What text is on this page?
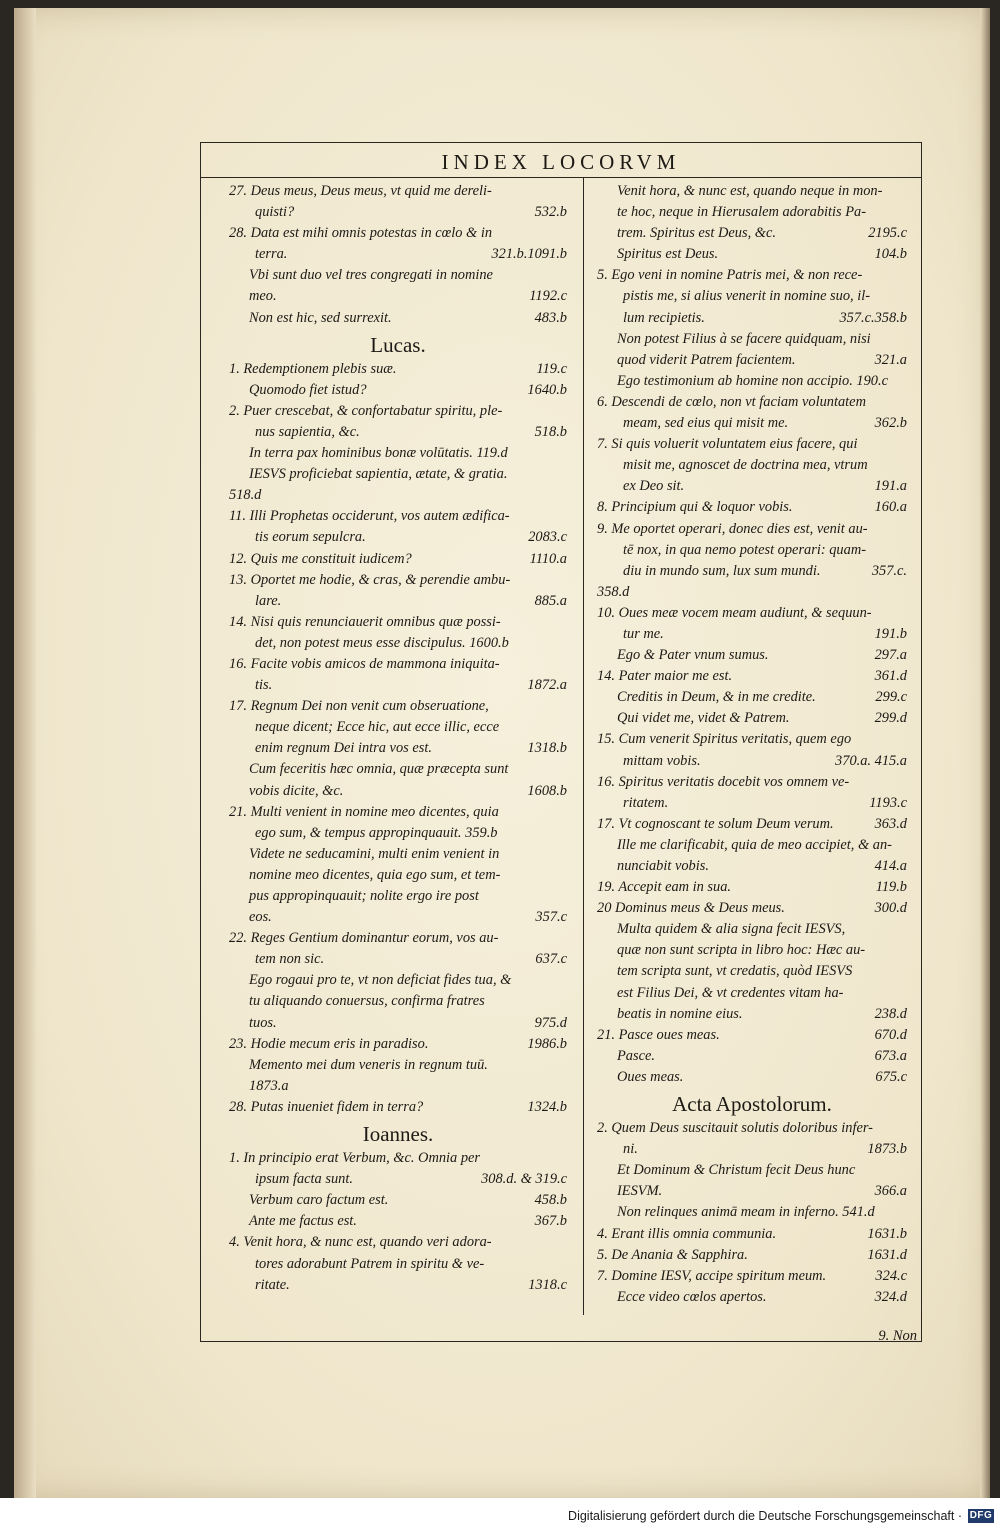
INDEX LOCORVM
27. Deus meus, Deus meus, vt quid me dereli-
quisti?	532.b
28. Data est mihi omnis potestas in cœlo & in
terra.	321.b.1091.b
Vbi sunt duo vel tres congregati in nomine
meo.	1192.c
Non est hic, sed surrexit.	483.b
Lucas.
1. Redemptionem plebis suæ.	119.c
Quomodo fiet istud?	1640.b
2. Puer crescebat, & confortabatur spiritu, ple-
nus sapientia, &c.	518.b
In terra pax hominibus bonæ volūtatis. 119.d
IESVS proficiebat sapientia, ætate, & gratia.
518.d
11. Illi Prophetas occiderunt, vos autem ædifica-
tis eorum sepulcra.	2083.c
12. Quis me constituit iudicem?	1110.a
13. Oportet me hodie, & cras, & perendie ambu-
lare.	885.a
14. Nisi quis renunciauerit omnibus quæ possi-
det, non potest meus esse discipulus. 1600.b
16. Facite vobis amicos de mammona iniquita-
tis.	1872.a
17. Regnum Dei non venit cum obseruatione,
neque dicent; Ecce hic, aut ecce illic, ecce
enim regnum Dei intra vos est.	1318.b
Cum feceritis hæc omnia, quæ præcepta sunt
vobis dicite, &c.	1608.b
21. Multi venient in nomine meo dicentes, quia
ego sum, & tempus appropinquauit. 359.b
Videte ne seducamini, multi enim venient in
nomine meo dicentes, quia ego sum, et tem-
pus appropinquauit; nolite ergo ire post
eos.	357.c
22. Reges Gentium dominantur eorum, vos au-
tem non sic.	637.c
Ego rogaui pro te, vt non deficiat fides tua, &
tu aliquando conuersus, confirma fratres
tuos.	975.d
23. Hodie mecum eris in paradiso.	1986.b
Memento mei dum veneris in regnum tuū.
1873.a
28. Putas inueniet fidem in terra?	1324.b
Ioannes.
1. In principio erat Verbum, &c. Omnia per
ipsum facta sunt.	308.d. & 319.c
Verbum caro factum est.	458.b
Ante me factus est.	367.b
4. Venit hora, & nunc est, quando veri adora-
tores adorabunt Patrem in spiritu & ve-
ritate.	1318.c
Venit hora, & nunc est, quando neque in mon-
te hoc, neque in Hierusalem adorabitis Pa-
trem. Spiritus est Deus, &c.	2195.c
Spiritus est Deus.	104.b
5. Ego veni in nomine Patris mei, & non rece-
pistis me, si alius venerit in nomine suo, il-
lum recipietis.	357.c.358.b
Non potest Filius à se facere quidquam, nisi
quod viderit Patrem facientem.	321.a
Ego testimonium ab homine non accipio. 190.c
6. Descendi de cœlo, non vt faciam voluntatem
meam, sed eius qui misit me.	362.b
7. Si quis voluerit voluntatem eius facere, qui
misit me, agnoscet de doctrina mea, vtrum
ex Deo sit.	191.a
8. Principium qui & loquor vobis.	160.a
9. Me oportet operari, donec dies est, venit au-
tē nox, in qua nemo potest operari: quam-
diu in mundo sum, lux sum mundi.	357.c.
358.d
10. Oues meæ vocem meam audiunt, & sequun-
tur me.	191.b
Ego & Pater vnum sumus.	297.a
14. Pater maior me est.	361.d
Creditis in Deum, & in me credite.	299.c
Qui videt me, videt & Patrem.	299.d
15. Cum venerit Spiritus veritatis, quem ego
mittam vobis.	370.a. 415.a
16. Spiritus veritatis docebit vos omnem ve-
ritatem.	1193.c
17. Vt cognoscant te solum Deum verum.	363.d
Ille me clarificabit, quia de meo accipiet, & an-
nunciabit vobis.	414.a
19. Accepit eam in sua.	119.b
20 Dominus meus & Deus meus.	300.d
Multa quidem & alia signa fecit IESVS,
quæ non sunt scripta in libro hoc: Hæc au-
tem scripta sunt, vt credatis, quòd IESVS
est Filius Dei, & vt credentes vitam ha-
beatis in nomine eius.	238.d
21. Pasce oues meas.	670.d
Pasce.	673.a
Oues meas.	675.c
Acta Apostolorum.
2. Quem Deus suscitauit solutis doloribus infer-
ni.	1873.b
Et Dominum & Christum fecit Deus hunc
IESVM.	366.a
Non relinques animā meam in inferno. 541.d
4. Erant illis omnia communia.	1631.b
5. De Anania & Sapphira.	1631.d
7. Domine IESV, accipe spiritum meum.	324.c
Ecce video cœlos apertos.	324.d
9. Non
Digitalisierung gefördert durch die Deutsche Forschungsgemeinschaft · DFG
